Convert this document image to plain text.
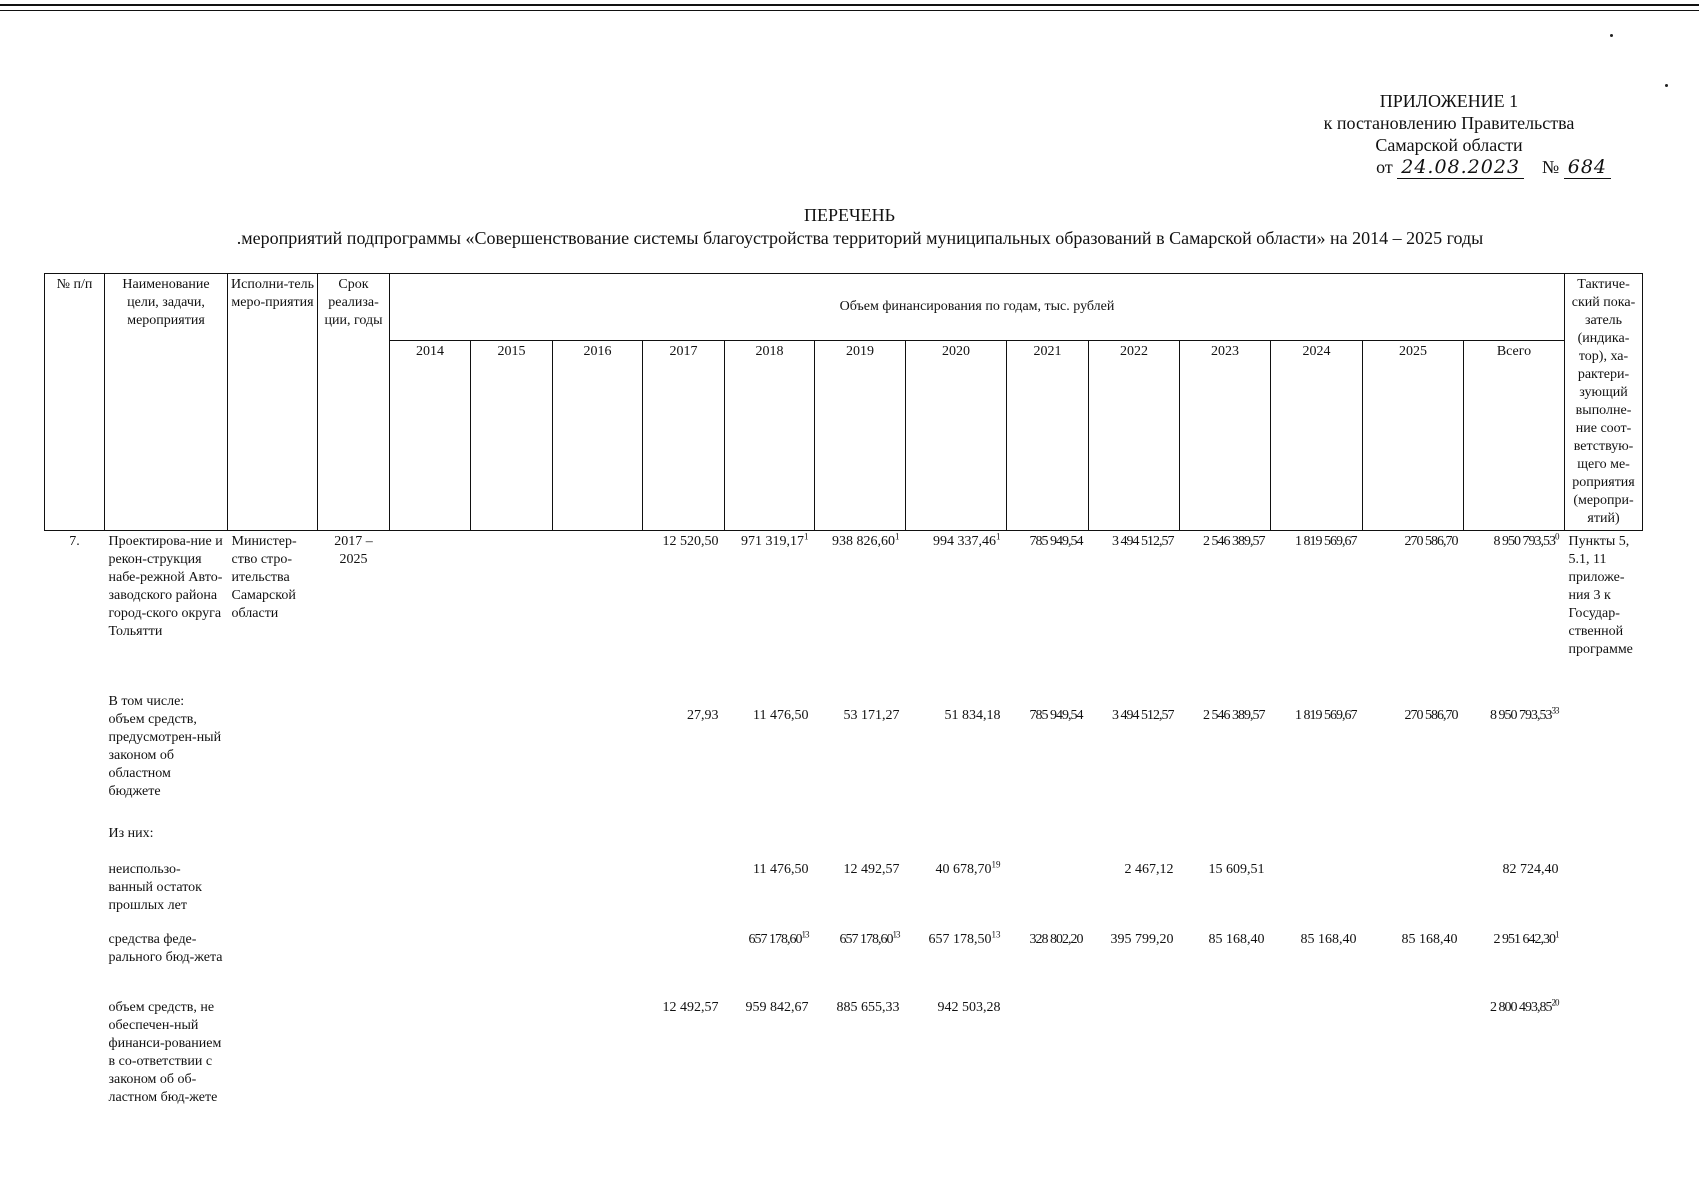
ПРИЛОЖЕНИЕ 1
к постановлению Правительства
Самарской области
от 24.08.2023 № 684
ПЕРЕЧЕНЬ
.мероприятий подпрограммы «Совершенствование системы благоустройства территорий муниципальных образований в Самарской области» на 2014 – 2025 годы
№ п/п	Наименование цели, задачи, мероприятия	Исполни-тель меро-приятия	Срок реализа-ции, годы	Объем финансирования по годам, тыс. рублей													Тактиче-ский пока-затель (индика-тор), ха-рактери-зующий выполне-ние соот-ветствую-щего ме-роприятия (меропри-ятий)
				2014	2015	2016	2017	2018	2019	2020	2021	2022	2023	2024	2025	Всего	
7.	Проектирова-ние и рекон-струкция набе-режной Авто-заводского района город-ского округа Тольятти	Министер-ство стро-ительства Самарской области	2017 – 2025				12 520,50	971 319,17$^1$	938 826,60$^1$	994 337,46$^1$	785 949,54	3 494 512,57	2 546 389,57	1 819 569,67	270 586,70	8 950 793,53$^0$	Пункты 5, 5.1, 11 приложе-ния 3 к Государ-ственной программе
	В том числе: объем средств, предусмотрен-ный законом об областном бюджете						27,93	11 476,50	53 171,27	51 834,18	785 949,54	3 494 512,57	2 546 389,57	1 819 569,67	270 586,70	8 950 793,53$^{33}$	
	Из них:																
	неиспользо-ванный остаток прошлых лет							11 476,50	12 492,57	40 678,70$^{19}$		2 467,12	15 609,51			82 724,40	
	средства феде-рального бюд-жета							657 178,60$^{13}$	657 178,60$^{13}$	657 178,50$^{13}$	328 802,20	395 799,20	85 168,40	85 168,40	85 168,40	2 951 642,30$^1$	
	объем средств, не обеспечен-ный финанси-рованием в со-ответствии с законом об об-ластном бюд-жете						12 492,57	959 842,67	885 655,33	942 503,28						2 800 493,85$^{20}$	
